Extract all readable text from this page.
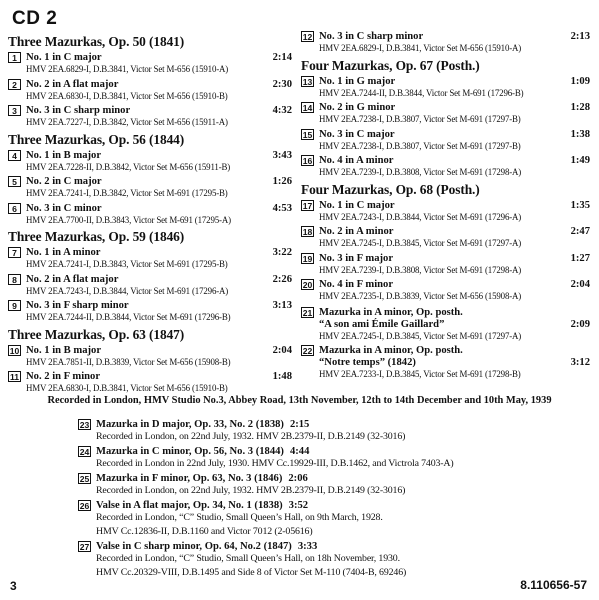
CD 2
Three Mazurkas, Op. 50 (1841)
1 No. 1 in C major	2:14
HMV 2EA.6829-I, D.B.3841, Victor Set M-656 (15910-A)
2 No. 2 in A flat major	2:30
HMV 2EA.6830-I, D.B.3841, Victor Set M-656 (15910-B)
3 No. 3 in C sharp minor	4:32
HMV 2EA.7227-I, D.B.3842, Victor Set M-656 (15911-A)
Three Mazurkas, Op. 56 (1844)
4 No. 1 in B major	3:43
HMV 2EA.7228-II, D.B.3842, Victor Set M-656 (15911-B)
5 No. 2 in C major	1:26
HMV 2EA.7241-I, D.B.3842, Victor Set M-691 (17295-B)
6 No. 3 in C minor	4:53
HMV 2EA.7700-II, D.B.3843, Victor Set M-691 (17295-A)
Three Mazurkas, Op. 59 (1846)
7 No. 1 in A minor	3:22
HMV 2EA.7241-I, D.B.3843, Victor Set M-691 (17295-B)
8 No. 2 in A flat major	2:26
HMV 2EA.7243-I, D.B.3844, Victor Set M-691 (17296-A)
9 No. 3 in F sharp minor	3:13
HMV 2EA.7244-II, D.B.3844, Victor Set M-691 (17296-B)
Three Mazurkas, Op. 63 (1847)
10 No. 1 in B major	2:04
HMV 2EA.7851-II, D.B.3839, Victor Set M-656 (15908-B)
11 No. 2 in F minor	1:48
HMV 2EA.6830-I, D.B.3841, Victor Set M-656 (15910-B)
12 No. 3 in C sharp minor	2:13
HMV 2EA.6829-I, D.B.3841, Victor Set M-656 (15910-A)
Four Mazurkas, Op. 67 (Posth.)
13 No. 1 in G major	1:09
HMV 2EA.7244-II, D.B.3844, Victor Set M-691 (17296-B)
14 No. 2 in G minor	1:28
HMV 2EA.7238-I, D.B.3807, Victor Set M-691 (17297-B)
15 No. 3 in C major	1:38
HMV 2EA.7238-I, D.B.3807, Victor Set M-691 (17297-B)
16 No. 4 in A minor	1:49
HMV 2EA.7239-I, D.B.3808, Victor Set M-691 (17298-A)
Four Mazurkas, Op. 68 (Posth.)
17 No. 1 in C major	1:35
HMV 2EA.7243-I, D.B.3844, Victor Set M-691 (17296-A)
18 No. 2 in A minor	2:47
HMV 2EA.7245-I, D.B.3845, Victor Set M-691 (17297-A)
19 No. 3 in F major	1:27
HMV 2EA.7239-I, D.B.3808, Victor Set M-691 (17298-A)
20 No. 4 in F minor	2:04
HMV 2EA.7235-I, D.B.3839, Victor Set M-656 (15908-A)
21 Mazurka in A minor, Op. posth.
“A son ami Émile Gaillard”	2:09
HMV 2EA.7245-I, D.B.3845, Victor Set M-691 (17297-A)
22 Mazurka in A minor, Op. posth.
“Notre temps” (1842)	3:12
HMV 2EA.7233-I, D.B.3845, Victor Set M-691 (17298-B)
Recorded in London, HMV Studio No.3, Abbey Road, 13th November, 12th to 14th December and 10th May, 1939
23 Mazurka in D major, Op. 33, No. 2 (1838) 2:15
Recorded in London, on 22nd July, 1932. HMV 2B.2379-II, D.B.2149 (32-3016)
24 Mazurka in C minor, Op. 56, No. 3 (1844) 4:44
Recorded in London in 22nd July, 1930. HMV Cc.19929-III, D.B.1462, and Victrola 7403-A)
25 Mazurka in F minor, Op. 63, No. 3 (1846) 2:06
Recorded in London, on 22nd July, 1932. HMV 2B.2379-II, D.B.2149 (32-3016)
26 Valse in A flat major, Op. 34, No. 1 (1838) 3:52
Recorded in London, “C” Studio, Small Queen’s Hall, on 9th March, 1928.
HMV Cc.12836-II, D.B.1160 and Victor 7012 (2-05616)
27 Valse in C sharp minor, Op. 64, No.2 (1847) 3:33
Recorded in London, “C” Studio, Small Queen’s Hall, on 18h November, 1930.
HMV Cc.20329-VIII, D.B.1495 and Side 8 of Victor Set M-110 (7404-B, 69246)
3	8.110656-57
